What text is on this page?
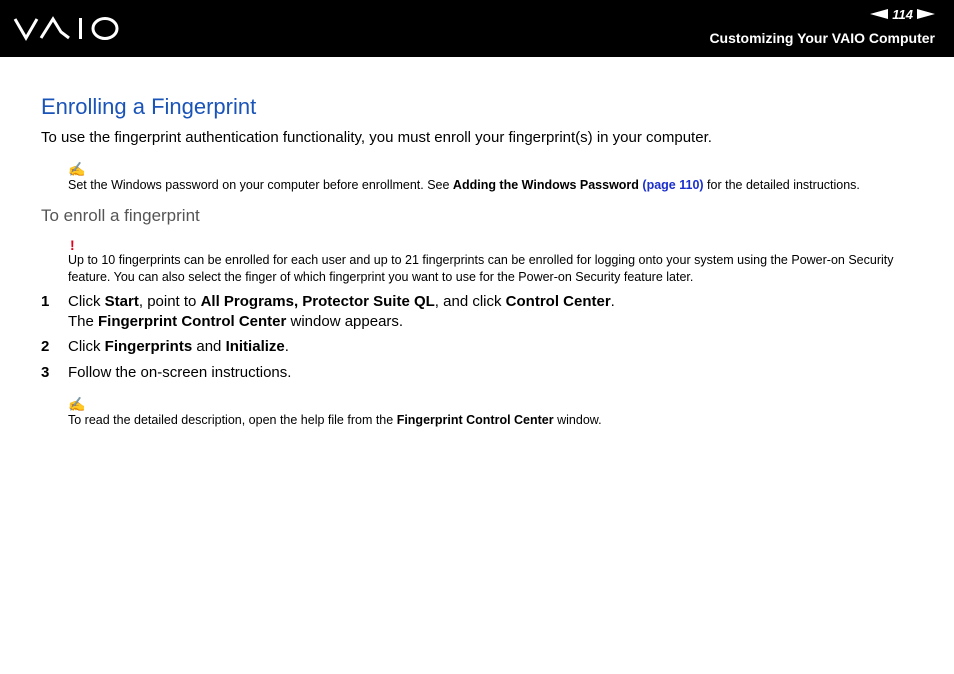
114
Customizing Your VAIO Computer
Enrolling a Fingerprint
To use the fingerprint authentication functionality, you must enroll your fingerprint(s) in your computer.
✍
Set the Windows password on your computer before enrollment. See Adding the Windows Password (page 110) for the detailed instructions.
To enroll a fingerprint
!
Up to 10 fingerprints can be enrolled for each user and up to 21 fingerprints can be enrolled for logging onto your system using the Power-on Security
feature. You can also select the finger of which fingerprint you want to use for the Power-on Security feature later.
1 Click Start, point to All Programs, Protector Suite QL, and click Control Center.
The Fingerprint Control Center window appears.
2 Click Fingerprints and Initialize.
3 Follow the on-screen instructions.
✍
To read the detailed description, open the help file from the Fingerprint Control Center window.
